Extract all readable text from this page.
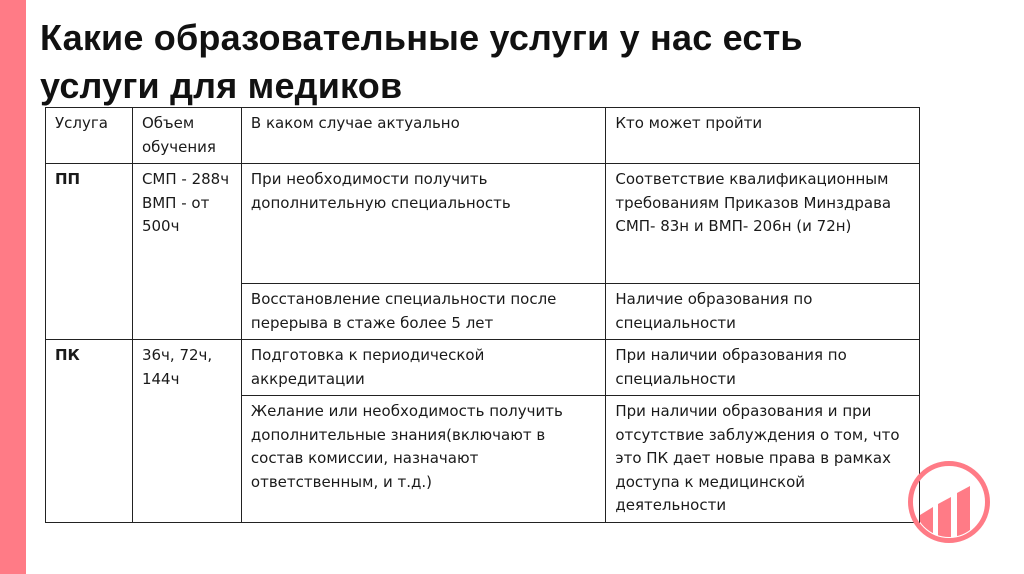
Какие образовательные услуги у нас есть
услуги для медиков
Услуга	Объем обучения	В каком случае актуально	Кто может пройти
ПП	СМП - 288ч ВМП - от 500ч	При необходимости получить дополнительную специальность	Соответствие квалификационным требованиям Приказов Минздрава СМП- 83н и ВМП- 206н (и 72н)
		Восстановление специальности после перерыва в стаже более 5 лет	Наличие образования по специальности
ПК	36ч, 72ч, 144ч	Подготовка к периодической аккредитации	При наличии образования по специальности
		Желание или необходимость получить дополнительные знания(включают в состав комиссии, назначают ответственным, и т.д.)	При наличии образования и при отсутствие заблуждения о том, что это ПК дает новые права в рамках доступа к медицинской деятельности
